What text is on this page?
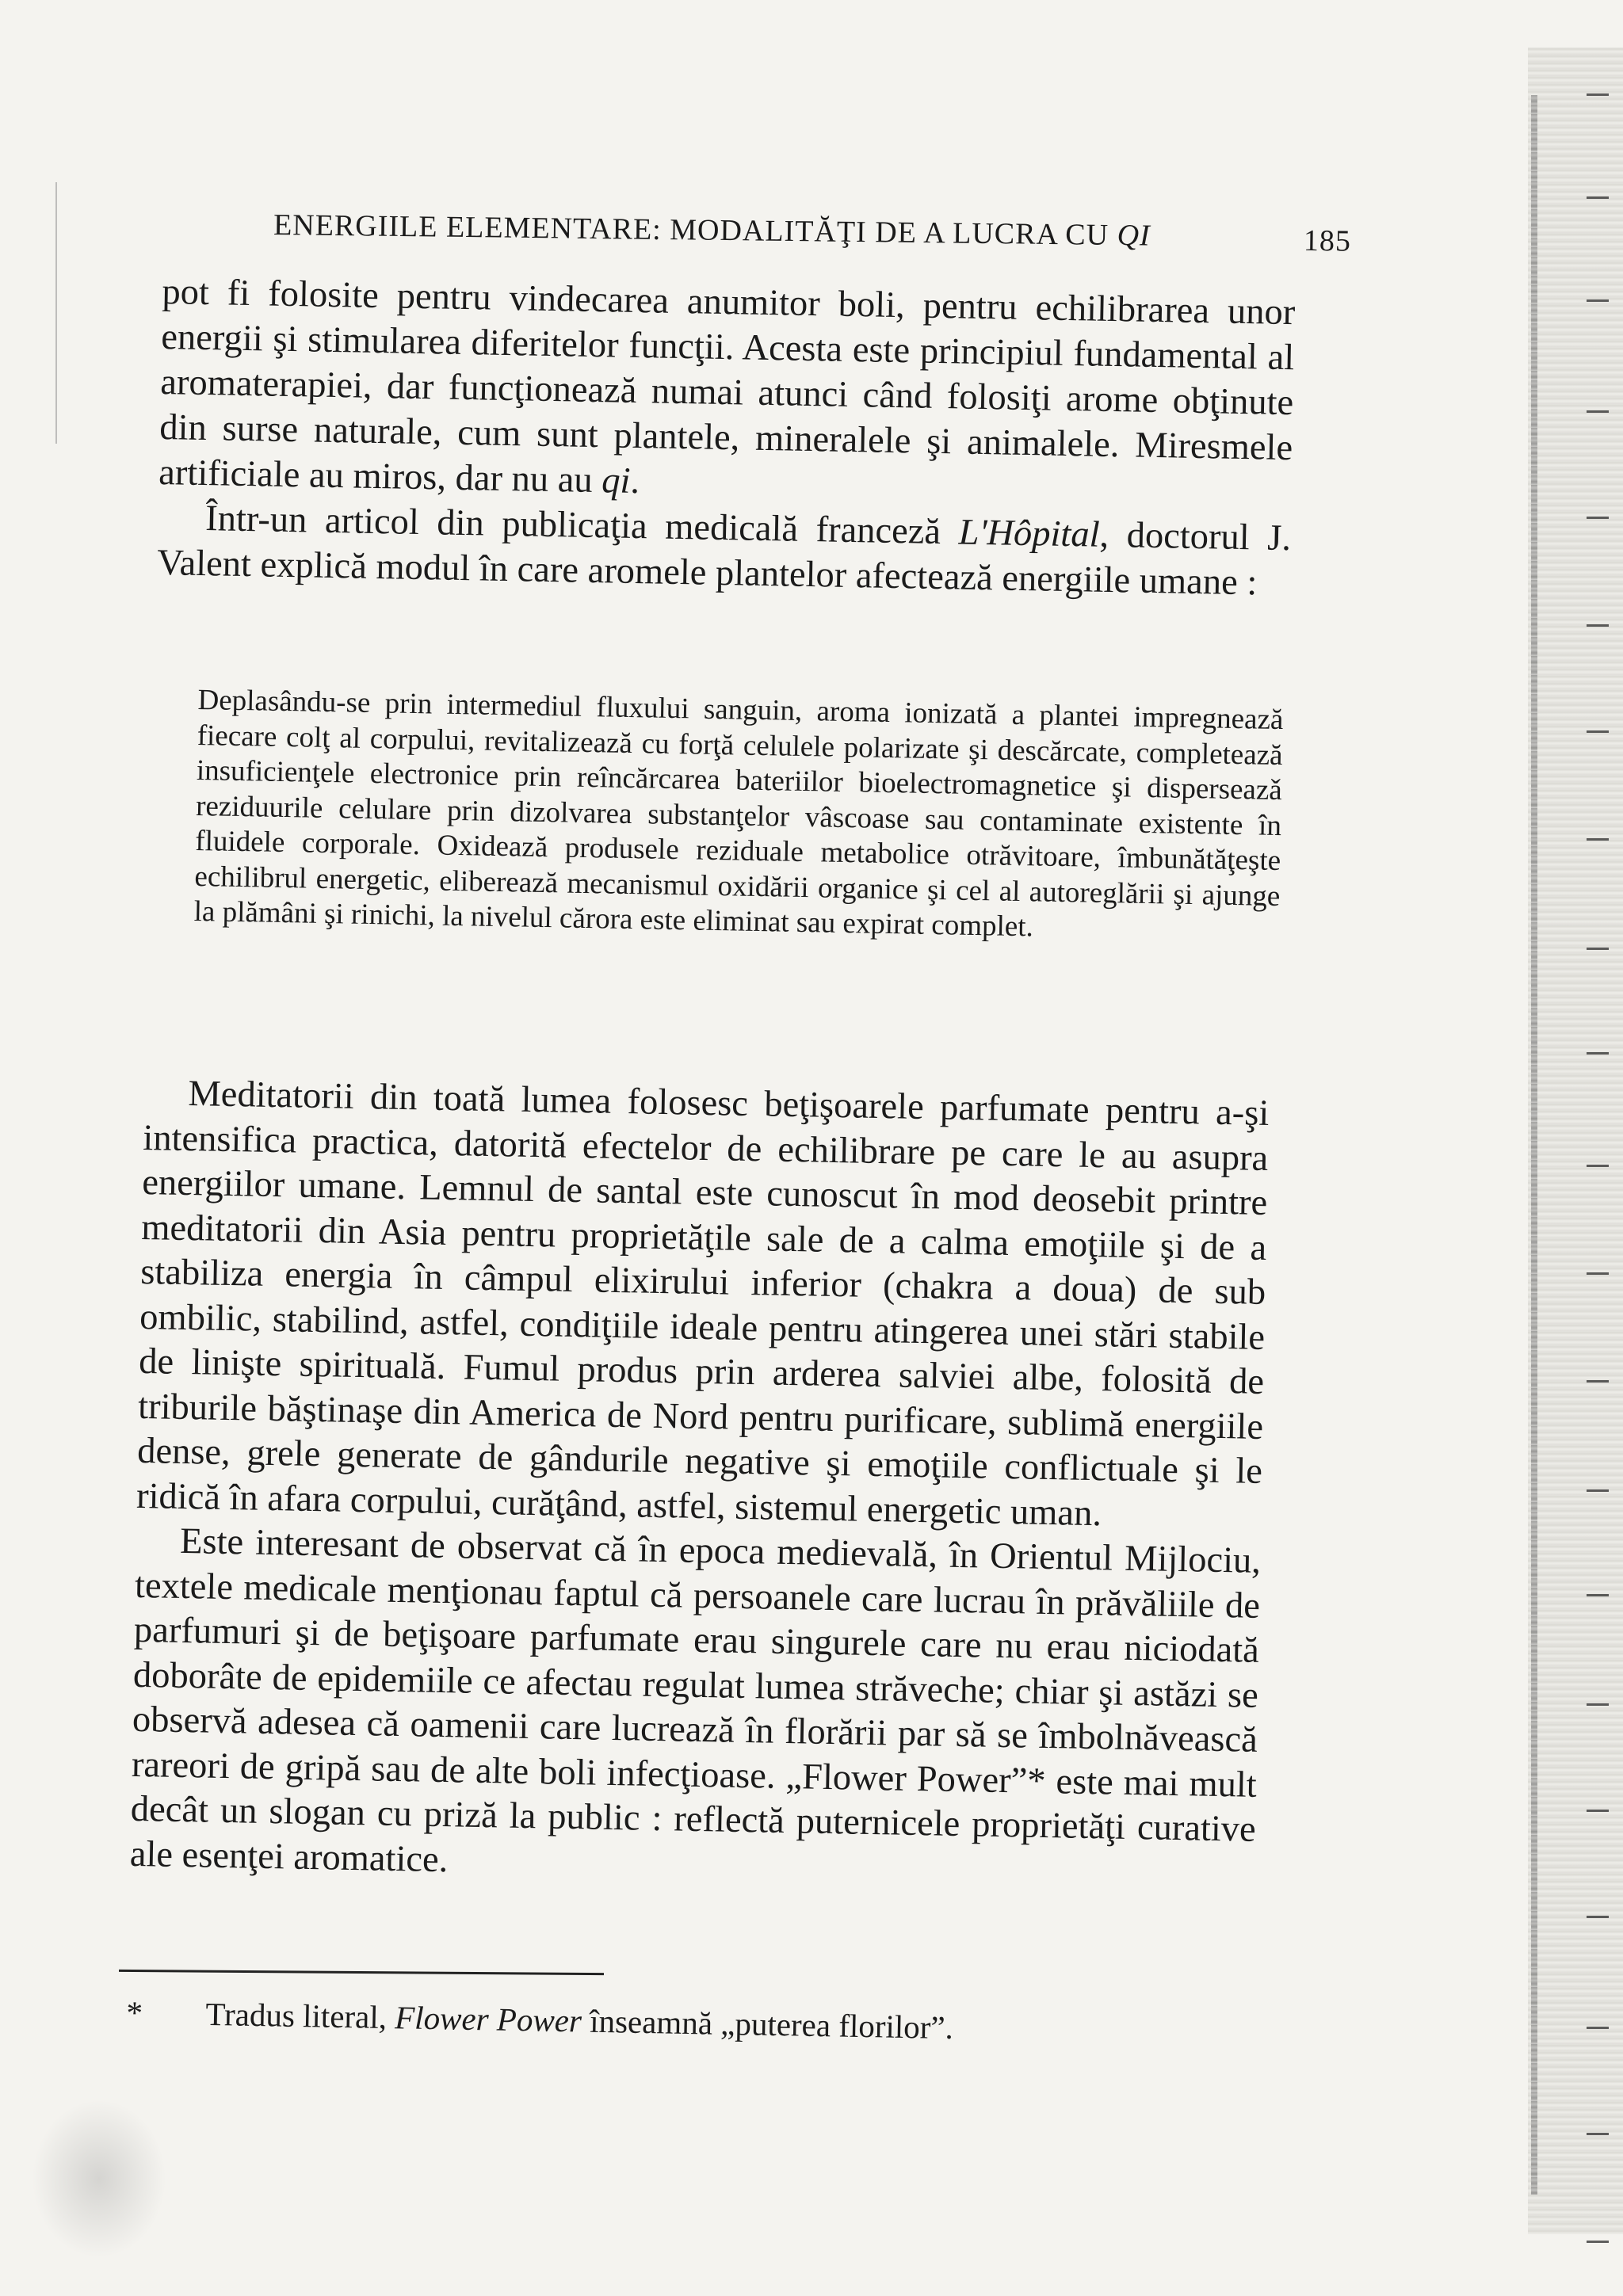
ENERGIILE ELEMENTARE: MODALITĂŢI DE A LUCRA CU QI	185

pot fi folosite pentru vindecarea anumitor boli, pentru echilibrarea unor energii şi stimularea diferitelor funcţii. Acesta este principiul fundamental al aromaterapiei, dar funcţionează numai atunci când folosiţi arome obţinute din surse naturale, cum sunt plantele, mineralele şi animalele. Miresmele artificiale au miros, dar nu au qi.

Într-un articol din publicaţia medicală franceză L'Hôpital, doctorul J. Valent explică modul în care aromele plantelor afectează energiile umane :

Deplasându-se prin intermediul fluxului sanguin, aroma ionizată a plantei impregnează fiecare colţ al corpului, revitalizează cu forţă celulele polarizate şi descărcate, completează insuficienţele electronice prin reîncărcarea bateriilor bioelectromagnetice şi disperseazǎ reziduurile celulare prin dizolvarea substanţelor vâscoase sau contaminate existente în fluidele corporale. Oxidează produsele reziduale metabolice otrăvitoare, îmbunătăţeşte echilibrul energetic, eliberează mecanismul oxidării organice şi cel al autoreglării şi ajunge la plămâni şi rinichi, la nivelul cărora este eliminat sau expirat complet.

Meditatorii din toată lumea folosesc beţişoarele parfumate pentru a-şi intensifica practica, datorită efectelor de echilibrare pe care le au asupra energiilor umane. Lemnul de santal este cunoscut în mod deosebit printre meditatorii din Asia pentru proprietăţile sale de a calma emoţiile şi de a stabiliza energia în câmpul elixirului inferior (chakra a doua) de sub ombilic, stabilind, astfel, condiţiile ideale pentru atingerea unei stări stabile de linişte spirituală. Fumul produs prin arderea salviei albe, folosită de triburile băştinaşe din America de Nord pentru purificare, sublimă energiile dense, grele generate de gândurile negative şi emoţiile conflictuale şi le ridică în afara corpului, curăţând, astfel, sistemul energetic uman.

Este interesant de observat că în epoca medievală, în Orientul Mijlociu, textele medicale menţionau faptul că persoanele care lucrau în prăvăliile de parfumuri şi de beţişoare parfumate erau singurele care nu erau niciodată doborâte de epidemiile ce afectau regulat lumea străveche; chiar şi astăzi se observă adesea că oamenii care lucrează în florării par să se îmbolnăvească rareori de gripă sau de alte boli infecţioase. „Flower Power”* este mai mult decât un slogan cu priză la public : reflectă puternicele proprietăţi curative ale esenţei aromatice.

* Tradus literal, Flower Power înseamnă „puterea florilor”.
